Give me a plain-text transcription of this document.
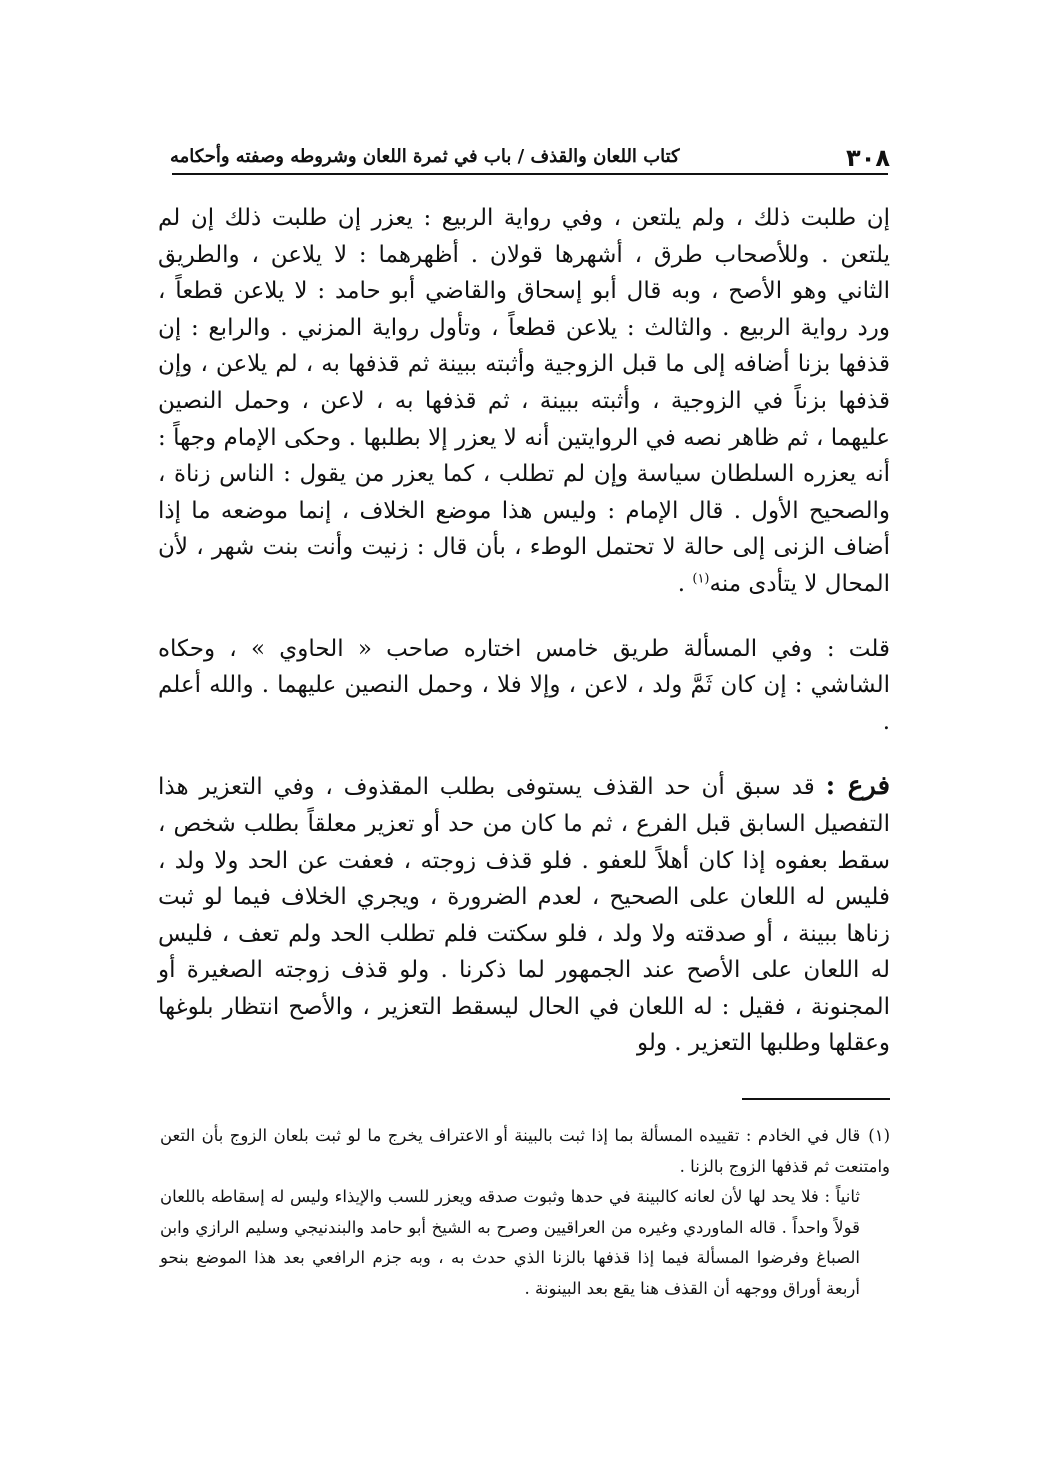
٣٠٨
كتاب اللعان والقذف / باب في ثمرة اللعان وشروطه وصفته وأحكامه

إن طلبت ذلك ، ولم يلتعن ، وفي رواية الربيع : يعزر إن طلبت ذلك إن لم يلتعن . وللأصحاب طرق ، أشهرها قولان . أظهرهما : لا يلاعن ، والطريق الثاني وهو الأصح ، وبه قال أبو إسحاق والقاضي أبو حامد : لا يلاعن قطعاً ، ورد رواية الربيع . والثالث : يلاعن قطعاً ، وتأول رواية المزني . والرابع : إن قذفها بزنا أضافه إلى ما قبل الزوجية وأثبته ببينة ثم قذفها به ، لم يلاعن ، وإن قذفها بزناً في الزوجية ، وأثبته ببينة ، ثم قذفها به ، لاعن ، وحمل النصين عليهما ، ثم ظاهر نصه في الروايتين أنه لا يعزر إلا بطلبها . وحكى الإمام وجهاً : أنه يعزره السلطان سياسة وإن لم تطلب ، كما يعزر من يقول : الناس زناة ، والصحيح الأول . قال الإمام : وليس هذا موضع الخلاف ، إنما موضعه ما إذا أضاف الزنى إلى حالة لا تحتمل الوطء ، بأن قال : زنيت وأنت بنت شهر ، لأن المحال لا يتأدى منه$^{(١)}$ .

قلت : وفي المسألة طريق خامس اختاره صاحب « الحاوي » ، وحكاه الشاشي : إن كان ثَمَّ ولد ، لاعن ، وإلا فلا ، وحمل النصين عليهما . والله أعلم .

فرع : قد سبق أن حد القذف يستوفى بطلب المقذوف ، وفي التعزير هذا التفصيل السابق قبل الفرع ، ثم ما كان من حد أو تعزير معلقاً بطلب شخص ، سقط بعفوه إذا كان أهلاً للعفو . فلو قذف زوجته ، فعفت عن الحد ولا ولد ، فليس له اللعان على الصحيح ، لعدم الضرورة ، ويجري الخلاف فيما لو ثبت زناها ببينة ، أو صدقته ولا ولد ، فلو سكتت فلم تطلب الحد ولم تعف ، فليس له اللعان على الأصح عند الجمهور لما ذكرنا . ولو قذف زوجته الصغيرة أو المجنونة ، فقيل : له اللعان في الحال ليسقط التعزير ، والأصح انتظار بلوغها وعقلها وطلبها التعزير . ولو

(١)قال في الخادم : تقييده المسألة بما إذا ثبت بالبينة أو الاعتراف يخرج ما لو ثبت بلعان الزوج بأن التعن وامتنعت ثم قذفها الزوج بالزنا .

ثانياً : فلا يحد لها لأن لعانه كالبينة في حدها وثبوت صدقه ويعزر للسب والإيذاء وليس له إسقاطه باللعان قولاً واحداً . قاله الماوردي وغيره من العراقيين وصرح به الشيخ أبو حامد والبندنيجي وسليم الرازي وابن الصباغ وفرضوا المسألة فيما إذا قذفها بالزنا الذي حدث به ، وبه جزم الرافعي بعد هذا الموضع بنحو أربعة أوراق ووجهه أن القذف هنا يقع بعد البينونة .
